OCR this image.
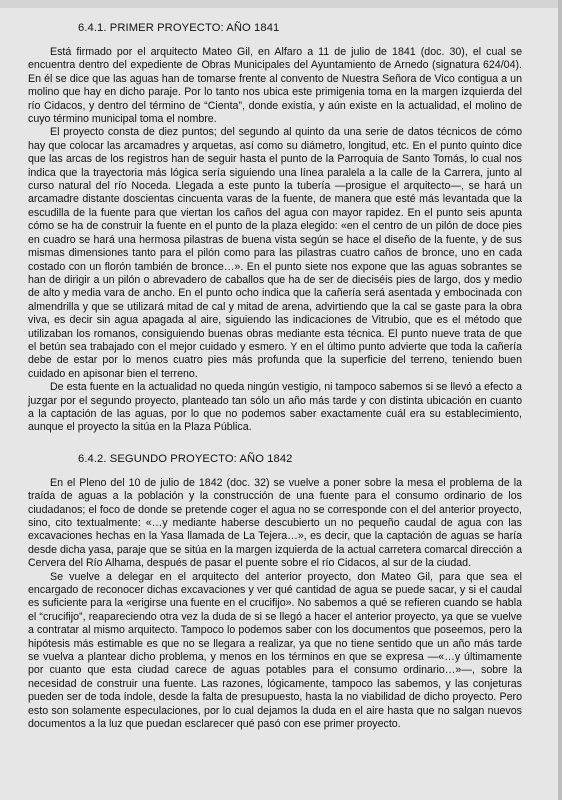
6.4.1. PRIMER PROYECTO: AÑO 1841

Está firmado por el arquitecto Mateo Gil, en Alfaro a 11 de julio de 1841 (doc. 30), el cual se encuentra dentro del expediente de Obras Municipales del Ayuntamiento de Arnedo (signatura 624/04). En él se dice que las aguas han de tomarse frente al convento de Nuestra Señora de Vico contigua a un molino que hay en dicho paraje. Por lo tanto nos ubica este primigenia toma en la margen izquierda del río Cidacos, y dentro del término de “Cienta”, donde existía, y aún existe en la actualidad, el molino de cuyo término municipal toma el nombre.

El proyecto consta de diez puntos; del segundo al quinto da una serie de datos técnicos de cómo hay que colocar las arcamadres y arquetas, así como su diámetro, longitud, etc. En el punto quinto dice que las arcas de los registros han de seguir hasta el punto de la Parroquia de Santo Tomás, lo cual nos indica que la trayectoria más lógica sería siguiendo una línea paralela a la calle de la Carrera, junto al curso natural del río Noceda. Llegada a este punto la tubería —prosigue el arquitecto—, se hará un arcamadre distante doscientas cincuenta varas de la fuente, de manera que esté más levantada que la escudilla de la fuente para que viertan los caños del agua con mayor rapidez. En el punto seis apunta cómo se ha de construir la fuente en el punto de la plaza elegido: «en el centro de un pilón de doce pies en cuadro se hará una hermosa pilastras de buena vista según se hace el diseño de la fuente, y de sus mismas dimensiones tanto para el pilón como para las pilastras cuatro caños de bronce, uno en cada costado con un florón también de bronce…». En el punto siete nos expone que las aguas sobrantes se han de dirigir a un pilón o abrevadero de caballos que ha de ser de dieciséis pies de largo, dos y medio de alto y media vara de ancho. En el punto ocho indica que la cañería será asentada y embocinada con almendrilla y que se utilizará mitad de cal y mitad de arena, advirtiendo que la cal se gaste para la obra viva, es decir sin agua apagada al aire, siguiendo las indicaciones de Vitrubio, que es el método que utilizaban los romanos, consiguiendo buenas obras mediante esta técnica. El punto nueve trata de que el betún sea trabajado con el mejor cuidado y esmero. Y en el último punto advierte que toda la cañería debe de estar por lo menos cuatro pies más profunda que la superficie del terreno, teniendo buen cuidado en apisonar bien el terreno.

De esta fuente en la actualidad no queda ningún vestigio, ni tampoco sabemos si se llevó a efecto a juzgar por el segundo proyecto, planteado tan sólo un año más tarde y con distinta ubicación en cuanto a la captación de las aguas, por lo que no podemos saber exactamente cuál era su establecimiento, aunque el proyecto la sitúa en la Plaza Pública.

6.4.2. SEGUNDO PROYECTO: AÑO 1842

En el Pleno del 10 de julio de 1842 (doc. 32) se vuelve a poner sobre la mesa el problema de la traída de aguas a la población y la construcción de una fuente para el consumo ordinario de los ciudadanos; el foco de donde se pretende coger el agua no se corresponde con el del anterior proyecto, sino, cito textualmente: «…y mediante haberse descubierto un no pequeño caudal de agua con las excavaciones hechas en la Yasa llamada de La Tejera…», es decir, que la captación de aguas se haría desde dicha yasa, paraje que se sitúa en la margen izquierda de la actual carretera comarcal dirección a Cervera del Río Alhama, después de pasar el puente sobre el río Cidacos, al sur de la ciudad.

Se vuelve a delegar en el arquitecto del anterior proyecto, don Mateo Gil, para que sea el encargado de reconocer dichas excavaciones y ver qué cantidad de agua se puede sacar, y si el caudal es suficiente para la «erigirse una fuente en el crucifijo». No sabemos a qué se refieren cuando se habla el “crucifijo”, reapareciendo otra vez la duda de si se llegó a hacer el anterior proyecto, ya que se vuelve a contratar al mismo arquitecto. Tampoco lo podemos saber con los documentos que poseemos, pero la hipótesis más estimable es que no se llegara a realizar, ya que no tiene sentido que un año más tarde se vuelva a plantear dicho problema, y menos en los términos en que se expresa —«…y últimamente por cuanto que esta ciudad carece de aguas potables para el consumo ordinario…»—, sobre la necesidad de construir una fuente. Las razones, lógicamente, tampoco las sabemos, y las conjeturas pueden ser de toda índole, desde la falta de presupuesto, hasta la no viabilidad de dicho proyecto. Pero esto son solamente especulaciones, por lo cual dejamos la duda en el aire hasta que no salgan nuevos documentos a la luz que puedan esclarecer qué pasó con ese primer proyecto.
